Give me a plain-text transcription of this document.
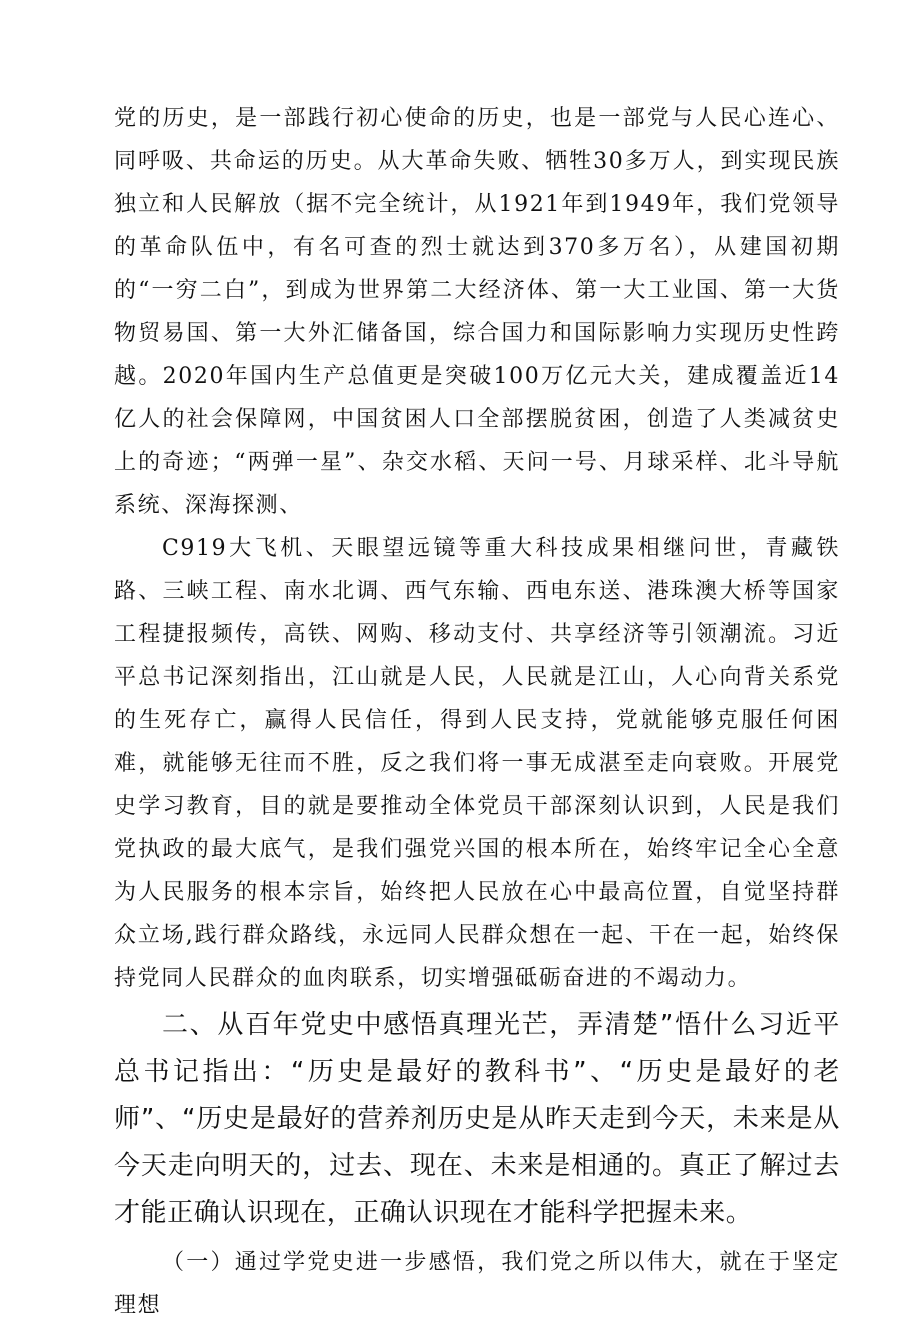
党的历史，是一部践行初心使命的历史，也是一部党与人民心连心、同呼吸、共命运的历史。从大革命失败、牺牲30多万人，到实现民族独立和人民解放（据不完全统计，从1921年到1949年，我们党领导的革命队伍中，有名可查的烈士就达到370多万名），从建国初期的“一穷二白”，到成为世界第二大经济体、第一大工业国、第一大货物贸易国、第一大外汇储备国，综合国力和国际影响力实现历史性跨越。2020年国内生产总值更是突破100万亿元大关，建成覆盖近14亿人的社会保障网，中国贫困人口全部摆脱贫困，创造了人类减贫史上的奇迹；“两弹一星”、杂交水稻、天问一号、月球采样、北斗导航系统、深海探测、

C919大飞机、天眼望远镜等重大科技成果相继问世，青藏铁路、三峡工程、南水北调、西气东输、西电东送、港珠澳大桥等国家工程捷报频传，高铁、网购、移动支付、共享经济等引领潮流。习近平总书记深刻指出，江山就是人民，人民就是江山，人心向背关系党的生死存亡，赢得人民信任，得到人民支持，党就能够克服任何困难，就能够无往而不胜，反之我们将一事无成湛至走向衰败。开展党史学习教育，目的就是要推动全体党员干部深刻认识到，人民是我们党执政的最大底气，是我们强党兴国的根本所在，始终牢记全心全意为人民服务的根本宗旨，始终把人民放在心中最高位置，自觉坚持群众立场,践行群众路线，永远同人民群众想在一起、干在一起，始终保持党同人民群众的血肉联系，切实增强砥砺奋进的不竭动力。

二、从百年党史中感悟真理光芒，弄清楚”悟什么习近平总书记指出：“历史是最好的教科书”、“历史是最好的老师”、“历史是最好的营养剂历史是从昨天走到今天，未来是从今天走向明天的，过去、现在、未来是相通的。真正了解过去才能正确认识现在，正确认识现在才能科学把握未来。

（一）通过学党史进一步感悟，我们党之所以伟大，就在于坚定理想
